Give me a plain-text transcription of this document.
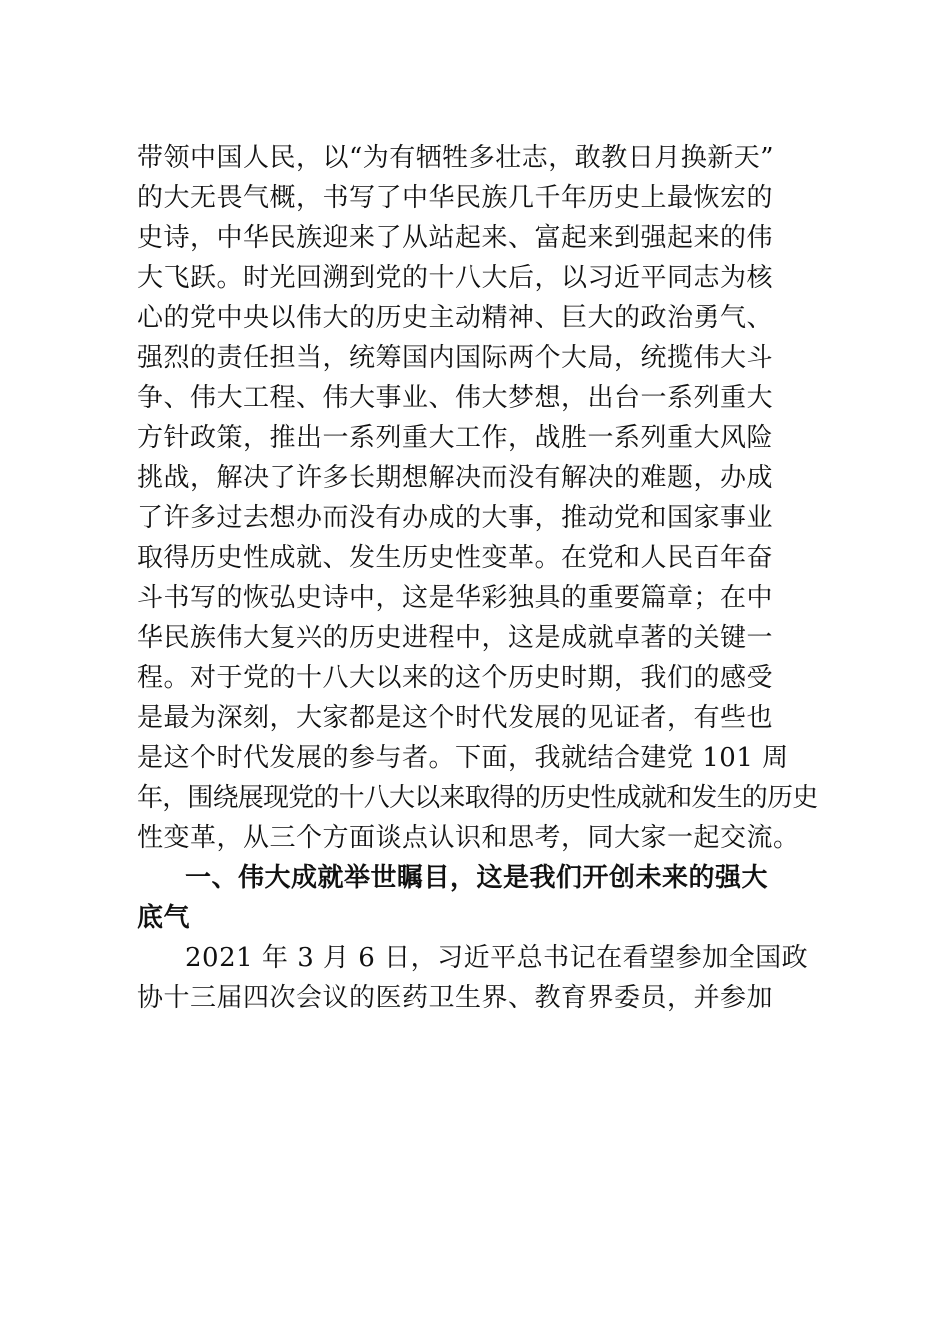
带领中国人民，以“为有牺牲多壮志，敢教日月换新天”
的大无畏气概，书写了中华民族几千年历史上最恢宏的
史诗，中华民族迎来了从站起来、富起来到强起来的伟
大飞跃。时光回溯到党的十八大后，以习近平同志为核
心的党中央以伟大的历史主动精神、巨大的政治勇气、
强烈的责任担当，统筹国内国际两个大局，统揽伟大斗
争、伟大工程、伟大事业、伟大梦想，出台一系列重大
方针政策，推出一系列重大工作，战胜一系列重大风险
挑战，解决了许多长期想解决而没有解决的难题，办成
了许多过去想办而没有办成的大事，推动党和国家事业
取得历史性成就、发生历史性变革。在党和人民百年奋
斗书写的恢弘史诗中，这是华彩独具的重要篇章；在中
华民族伟大复兴的历史进程中，这是成就卓著的关键一
程。对于党的十八大以来的这个历史时期，我们的感受
是最为深刻，大家都是这个时代发展的见证者，有些也
是这个时代发展的参与者。下面，我就结合建党 101 周
年，围绕展现党的十八大以来取得的历史性成就和发生的历史
性变革，从三个方面谈点认识和思考，同大家一起交流。
一、伟大成就举世瞩目，这是我们开创未来的强大
底气
2021 年 3 月 6 日，习近平总书记在看望参加全国政
协十三届四次会议的医药卫生界、教育界委员，并参加
